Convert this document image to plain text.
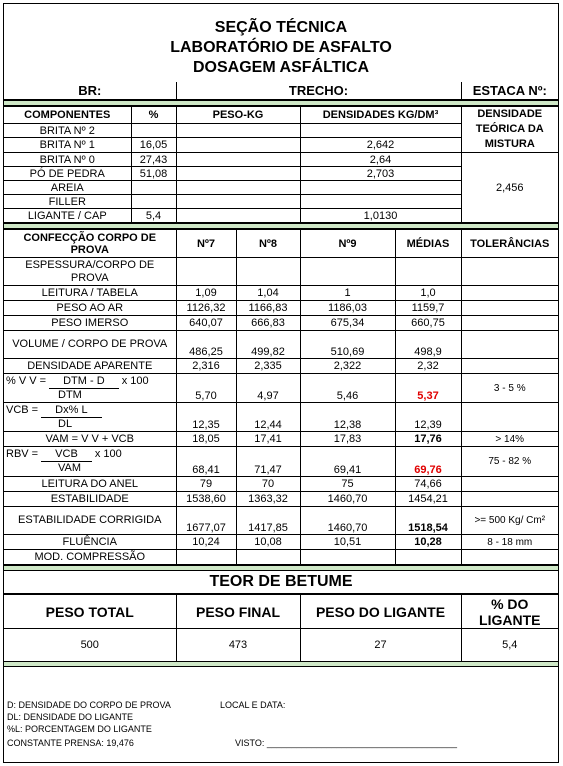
SEÇÃO TÉCNICA
LABORATÓRIO DE ASFALTO
DOSAGEM ASFÁLTICA
BR:	TRECHO:	ESTACA Nº:
COMPONENTES	%	PESO-KG	DENSIDADES KG/DM³	DENSIDADE TEÓRICA DA MISTURA
BRITA Nº 2				
BRITA Nº 1	16,05		2,642	
BRITA Nº 0	27,43		2,64	2,456
PÓ DE PEDRA	51,08		2,703	
AREIA				
FILLER				
LIGANTE / CAP	5,4		1,0130	
CONFECÇÃO CORPO DE PROVA	Nº7	Nº8	Nº9	MÉDIAS	TOLERÂNCIAS
ESPESSURA/CORPO DE PROVA					
LEITURA / TABELA	1,09	1,04	1	1,0	
PESO AO AR	1126,32	1166,83	1186,03	1159,7	
PESO IMERSO	640,07	666,83	675,34	660,75	
VOLUME / CORPO DE PROVA	486,25	499,82	510,69	498,9	
DENSIDADE APARENTE	2,316	2,335	2,322	2,32	

% V V = DTM - D x 100
DTM	5,70	4,97	5,46	5,37	3 - 5 %

VCB = Dx% L
DL	12,35	12,44	12,38	12,39	
VAM = V V + VCB	18,05	17,41	17,83	17,76	> 14%

RBV = VCB x 100
VAM	68,41	71,47	69,41	69,76	75 - 82 %
LEITURA DO ANEL	79	70	75	74,66	
ESTABILIDADE	1538,60	1363,32	1460,70	1454,21	
ESTABILIDADE CORRIGIDA	1677,07	1417,85	1460,70	1518,54	>= 500 Kg/ Cm²
FLUÊNCIA	10,24	10,08	10,51	10,28	8 - 18 mm
MOD. COMPRESSÃO					
TEOR DE BETUME
PESO TOTAL	PESO FINAL	PESO DO LIGANTE	% DO LIGANTE
500	473	27	5,4
D: DENSIDADE DO CORPO DE PROVA
DL: DENSIDADE DO LIGANTE
%L: PORCENTAGEM DO LIGANTE
CONSTANTE PRENSA: 19,476
LOCAL E DATA:
VISTO: ______________________________________
